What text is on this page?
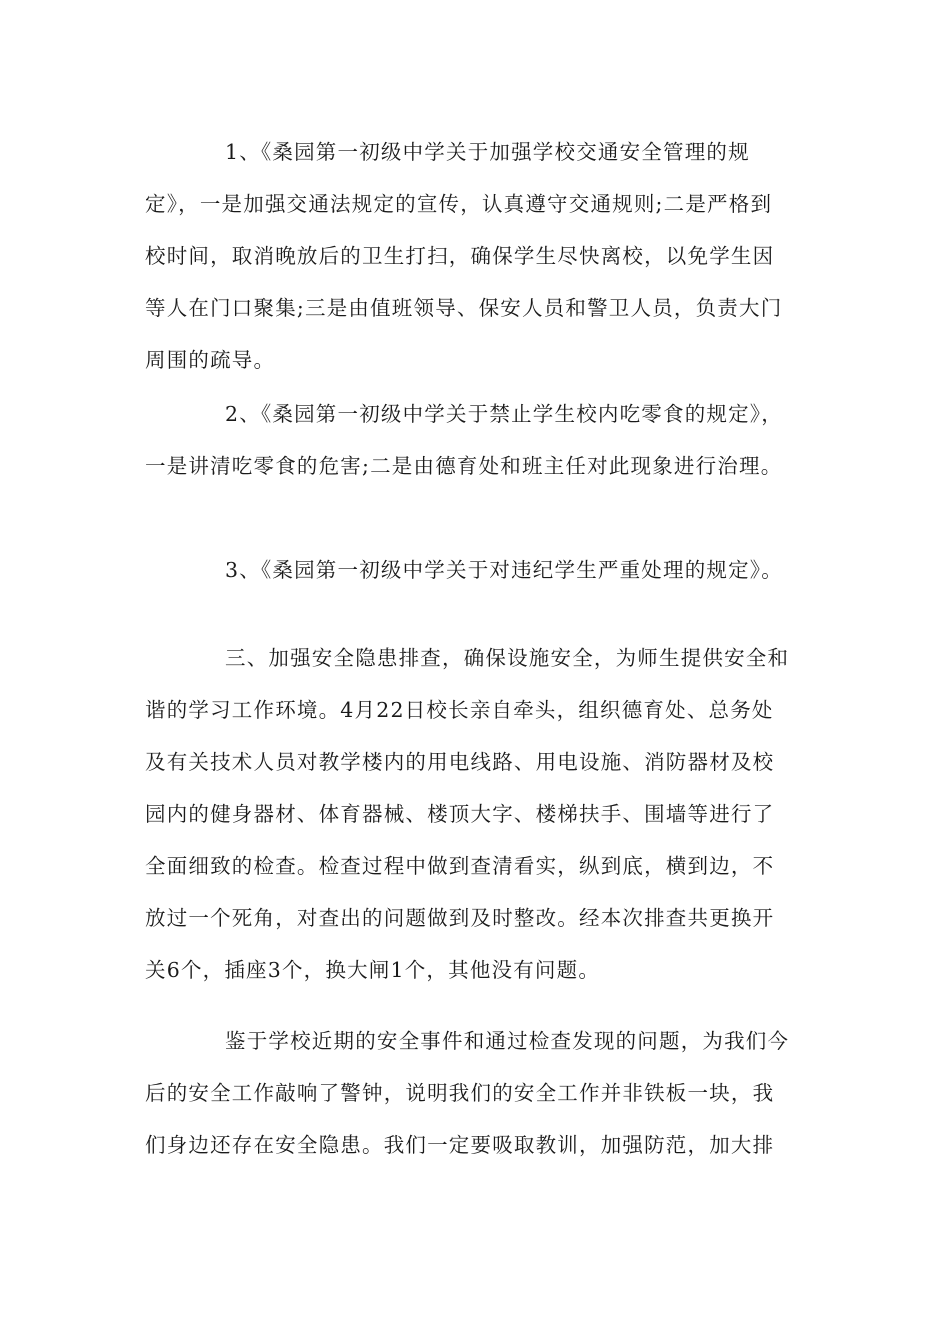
1、《桑园第一初级中学关于加强学校交通安全管理的规
定》，一是加强交通法规定的宣传，认真遵守交通规则;二是严格到
校时间，取消晚放后的卫生打扫，确保学生尽快离校，以免学生因
等人在门口聚集;三是由值班领导、保安人员和警卫人员，负责大门
周围的疏导。
2、《桑园第一初级中学关于禁止学生校内吃零食的规定》，
一是讲清吃零食的危害;二是由德育处和班主任对此现象进行治理。
3、《桑园第一初级中学关于对违纪学生严重处理的规定》。
三、加强安全隐患排查，确保设施安全，为师生提供安全和
谐的学习工作环境。4月22日校长亲自牵头，组织德育处、总务处
及有关技术人员对教学楼内的用电线路、用电设施、消防器材及校
园内的健身器材、体育器械、楼顶大字、楼梯扶手、围墙等进行了
全面细致的检查。检查过程中做到查清看实，纵到底，横到边，不
放过一个死角，对查出的问题做到及时整改。经本次排查共更换开
关6个，插座3个，换大闸1个，其他没有问题。
鉴于学校近期的安全事件和通过检查发现的问题，为我们今
后的安全工作敲响了警钟，说明我们的安全工作并非铁板一块，我
们身边还存在安全隐患。我们一定要吸取教训，加强防范，加大排
